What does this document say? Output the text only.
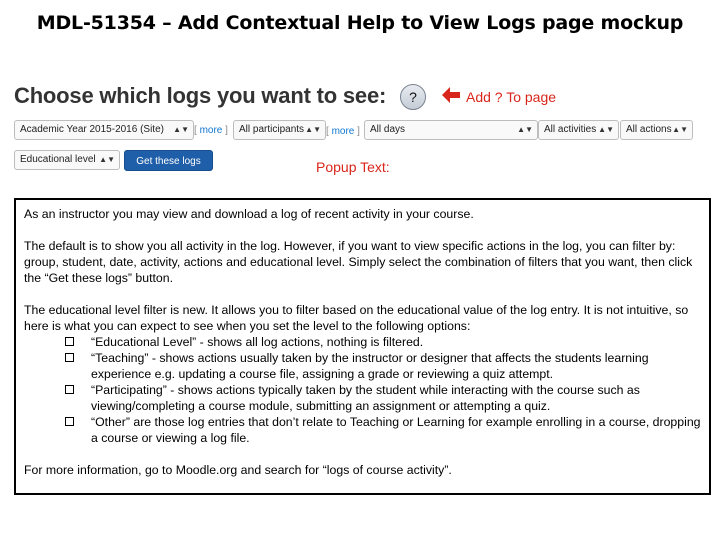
MDL-51354 – Add Contextual Help to View Logs page mockup
Choose which logs you want to see:	?	Add ? To page
Academic Year 2015-2016 (Site) ▲▼ [ more ]	All participants ▲▼ [ more ]	All days	▲▼	All activities ▲▼	All actions ▲▼
Educational level ▲▼	Get these logs	Popup Text:

As an instructor you may view and download a log of recent activity in your course.

The default is to show you all activity in the log. However, if you want to view specific actions in the log, you can filter by: group, student, date, activity, actions and educational level. Simply select the combination of filters that you want, then click the “Get these logs” button.

The educational level filter is new. It allows you to filter based on the educational value of the log entry. It is not intuitive, so here is what you can expect to see when you set the level to the following options:

“Educational Level” - shows all log actions, nothing is filtered.
“Teaching” - shows actions usually taken by the instructor or designer that affects the students learning experience e.g. updating a course file, assigning a grade or reviewing a quiz attempt.
“Participating” - shows actions typically taken by the student while interacting with the course such as viewing/completing a course module, submitting an assignment or attempting a quiz.
“Other” are those log entries that don’t relate to Teaching or Learning for example enrolling in a course, dropping a course or viewing a log file.

For more information, go to Moodle.org and search for “logs of course activity”.
